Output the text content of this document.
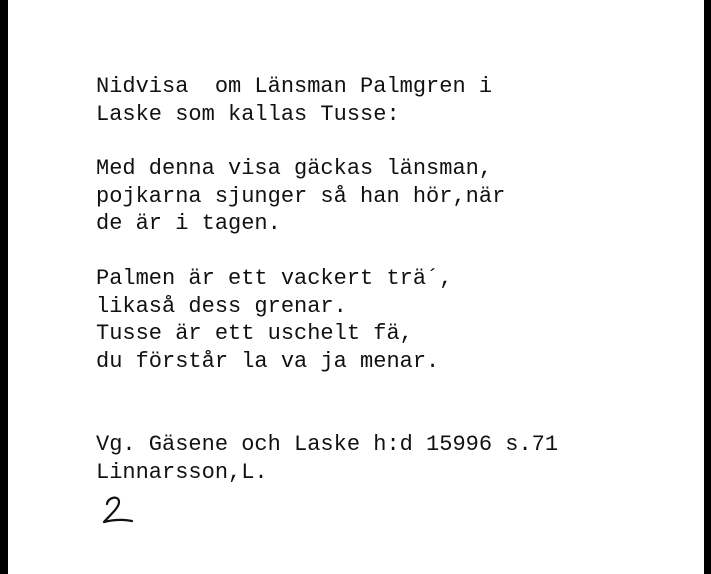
Nidvisa  om Länsman Palmgren i
Laske som kallas Tusse:
Med denna visa gäckas länsman,
pojkarna sjunger så han hör,när
de är i tagen.
Palmen är ett vackert trä´,
likaså dess grenar.
Tusse är ett uschelt fä,
du förstår la va ja menar.
Vg. Gäsene och Laske h:d 15996 s.71
Linnarsson,L.
